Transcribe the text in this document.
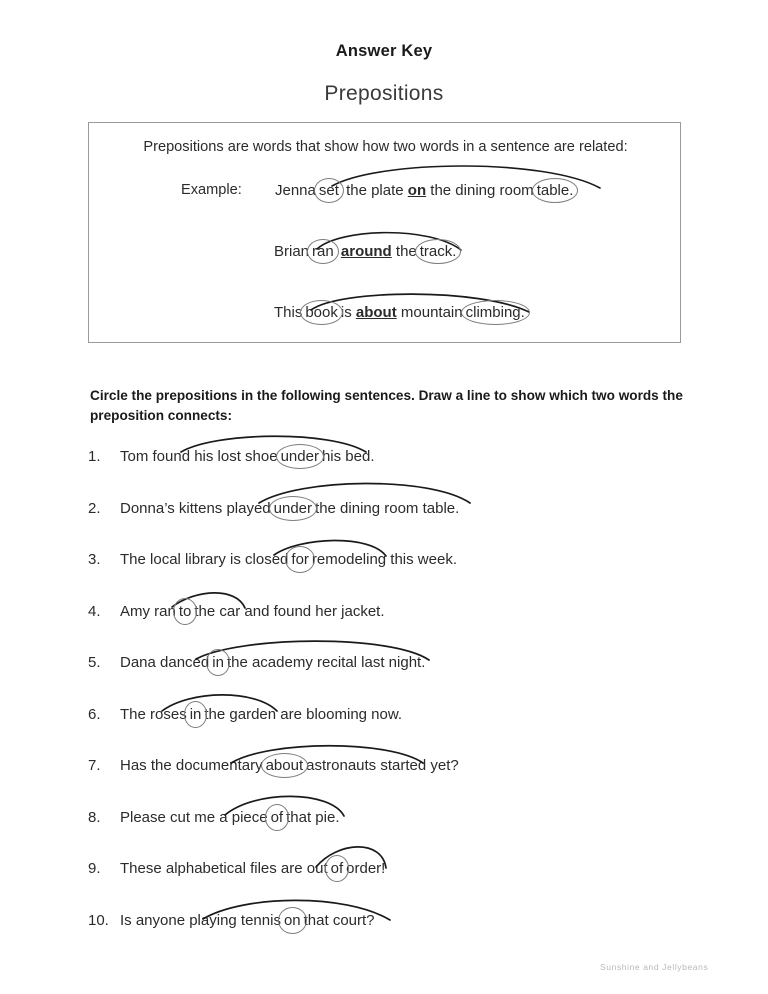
Answer Key
Prepositions
Prepositions are words that show how two words in a sentence are related:
Example: Jenna set the plate on the dining room table.
Brian ran around the track.
This book is about mountain climbing.
Circle the prepositions in the following sentences. Draw a line to show which two words the preposition connects:
1.	Tom found his lost shoe under his bed.
2.	Donna’s kittens played under the dining room table.
3.	The local library is closed for remodeling this week.
4.	Amy ran to the car and found her jacket.
5.	Dana danced in the academy recital last night.
6.	The roses in the garden are blooming now.
7.	Has the documentary about astronauts started yet?
8.	Please cut me a piece of that pie.
9.	These alphabetical files are out of order!
10. Is anyone playing tennis on that court?
Sunshine and Jellybeans
